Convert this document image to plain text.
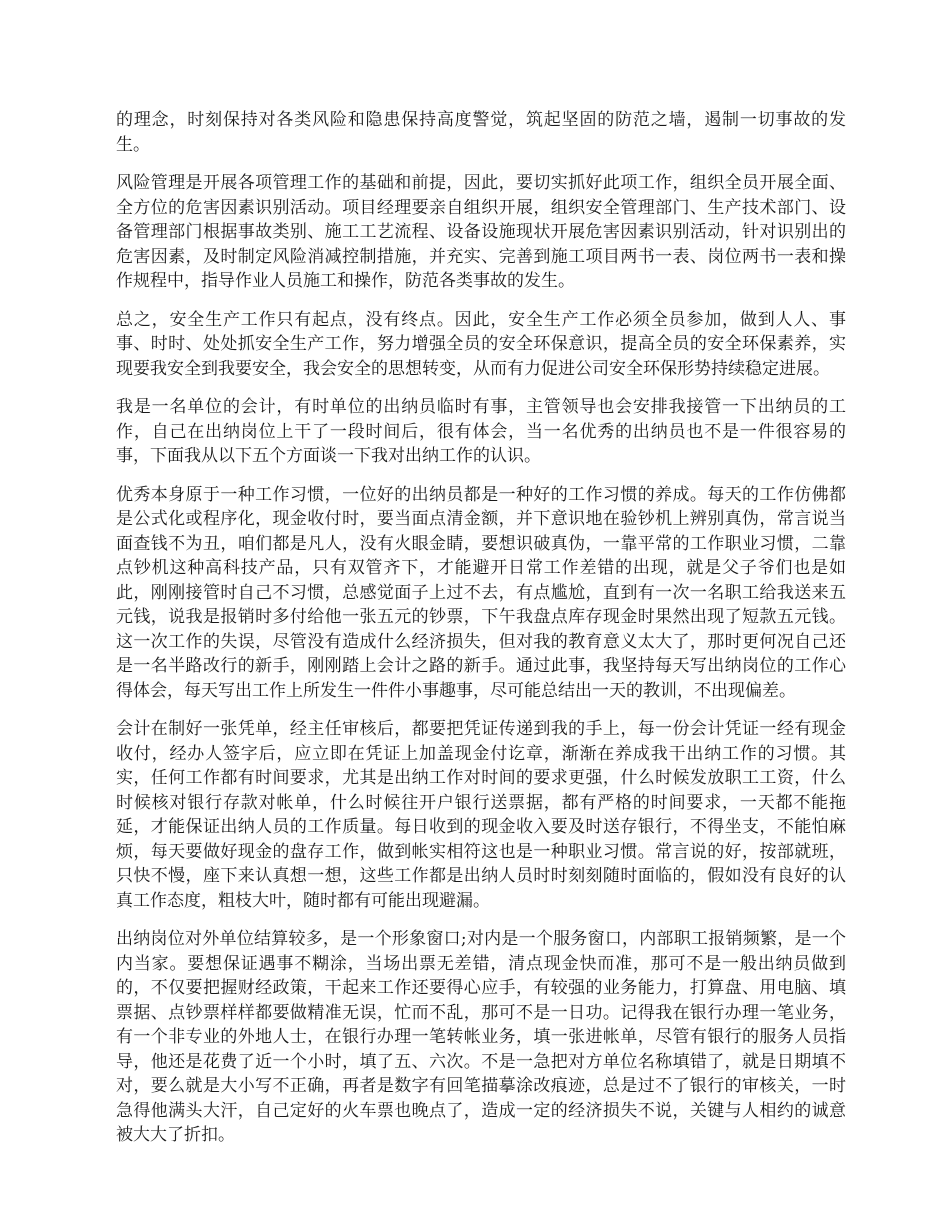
的理念，时刻保持对各类风险和隐患保持高度警觉，筑起坚固的防范之墙，遏制一切事故的发生。

风险管理是开展各项管理工作的基础和前提，因此，要切实抓好此项工作，组织全员开展全面、全方位的危害因素识别活动。项目经理要亲自组织开展，组织安全管理部门、生产技术部门、设备管理部门根据事故类别、施工工艺流程、设备设施现状开展危害因素识别活动，针对识别出的危害因素，及时制定风险消减控制措施，并充实、完善到施工项目两书一表、岗位两书一表和操作规程中，指导作业人员施工和操作，防范各类事故的发生。

总之，安全生产工作只有起点，没有终点。因此，安全生产工作必须全员参加，做到人人、事事、时时、处处抓安全生产工作，努力增强全员的安全环保意识，提高全员的安全环保素养，实现要我安全到我要安全，我会安全的思想转变，从而有力促进公司安全环保形势持续稳定进展。

我是一名单位的会计，有时单位的出纳员临时有事，主管领导也会安排我接管一下出纳员的工作，自己在出纳岗位上干了一段时间后，很有体会，当一名优秀的出纳员也不是一件很容易的事，下面我从以下五个方面谈一下我对出纳工作的认识。

优秀本身原于一种工作习惯，一位好的出纳员都是一种好的工作习惯的养成。每天的工作仿佛都是公式化或程序化，现金收付时，要当面点清金额，并下意识地在验钞机上辨别真伪，常言说当面查钱不为丑，咱们都是凡人，没有火眼金睛，要想识破真伪，一靠平常的工作职业习惯，二靠点钞机这种高科技产品，只有双管齐下，才能避开日常工作差错的出现，就是父子爷们也是如此，刚刚接管时自己不习惯，总感觉面子上过不去，有点尴尬，直到有一次一名职工给我送来五元钱，说我是报销时多付给他一张五元的钞票，下午我盘点库存现金时果然出现了短款五元钱。这一次工作的失误，尽管没有造成什么经济损失，但对我的教育意义太大了，那时更何况自己还是一名半路改行的新手，刚刚踏上会计之路的新手。通过此事，我坚持每天写出纳岗位的工作心得体会，每天写出工作上所发生一件件小事趣事，尽可能总结出一天的教训，不出现偏差。

会计在制好一张凭单，经主任审核后，都要把凭证传递到我的手上，每一份会计凭证一经有现金收付，经办人签字后，应立即在凭证上加盖现金付讫章，渐渐在养成我干出纳工作的习惯。其实，任何工作都有时间要求，尤其是出纳工作对时间的要求更强，什么时候发放职工工资，什么时候核对银行存款对帐单，什么时候往开户银行送票据，都有严格的时间要求，一天都不能拖延，才能保证出纳人员的工作质量。每日收到的现金收入要及时送存银行，不得坐支，不能怕麻烦，每天要做好现金的盘存工作，做到帐实相符这也是一种职业习惯。常言说的好，按部就班，只快不慢，座下来认真想一想，这些工作都是出纳人员时时刻刻随时面临的，假如没有良好的认真工作态度，粗枝大叶，随时都有可能出现避漏。

出纳岗位对外单位结算较多，是一个形象窗口;对内是一个服务窗口，内部职工报销频繁，是一个内当家。要想保证遇事不糊涂，当场出票无差错，清点现金快而准，那可不是一般出纳员做到的，不仅要把握财经政策，干起来工作还要得心应手，有较强的业务能力，打算盘、用电脑、填票据、点钞票样样都要做精准无误，忙而不乱，那可不是一日功。记得我在银行办理一笔业务，有一个非专业的外地人士，在银行办理一笔转帐业务，填一张进帐单，尽管有银行的服务人员指导，他还是花费了近一个小时，填了五、六次。不是一急把对方单位名称填错了，就是日期填不对，要么就是大小写不正确，再者是数字有回笔描摹涂改痕迹，总是过不了银行的审核关，一时急得他满头大汗，自己定好的火车票也晚点了，造成一定的经济损失不说，关键与人相约的诚意被大大了折扣。
